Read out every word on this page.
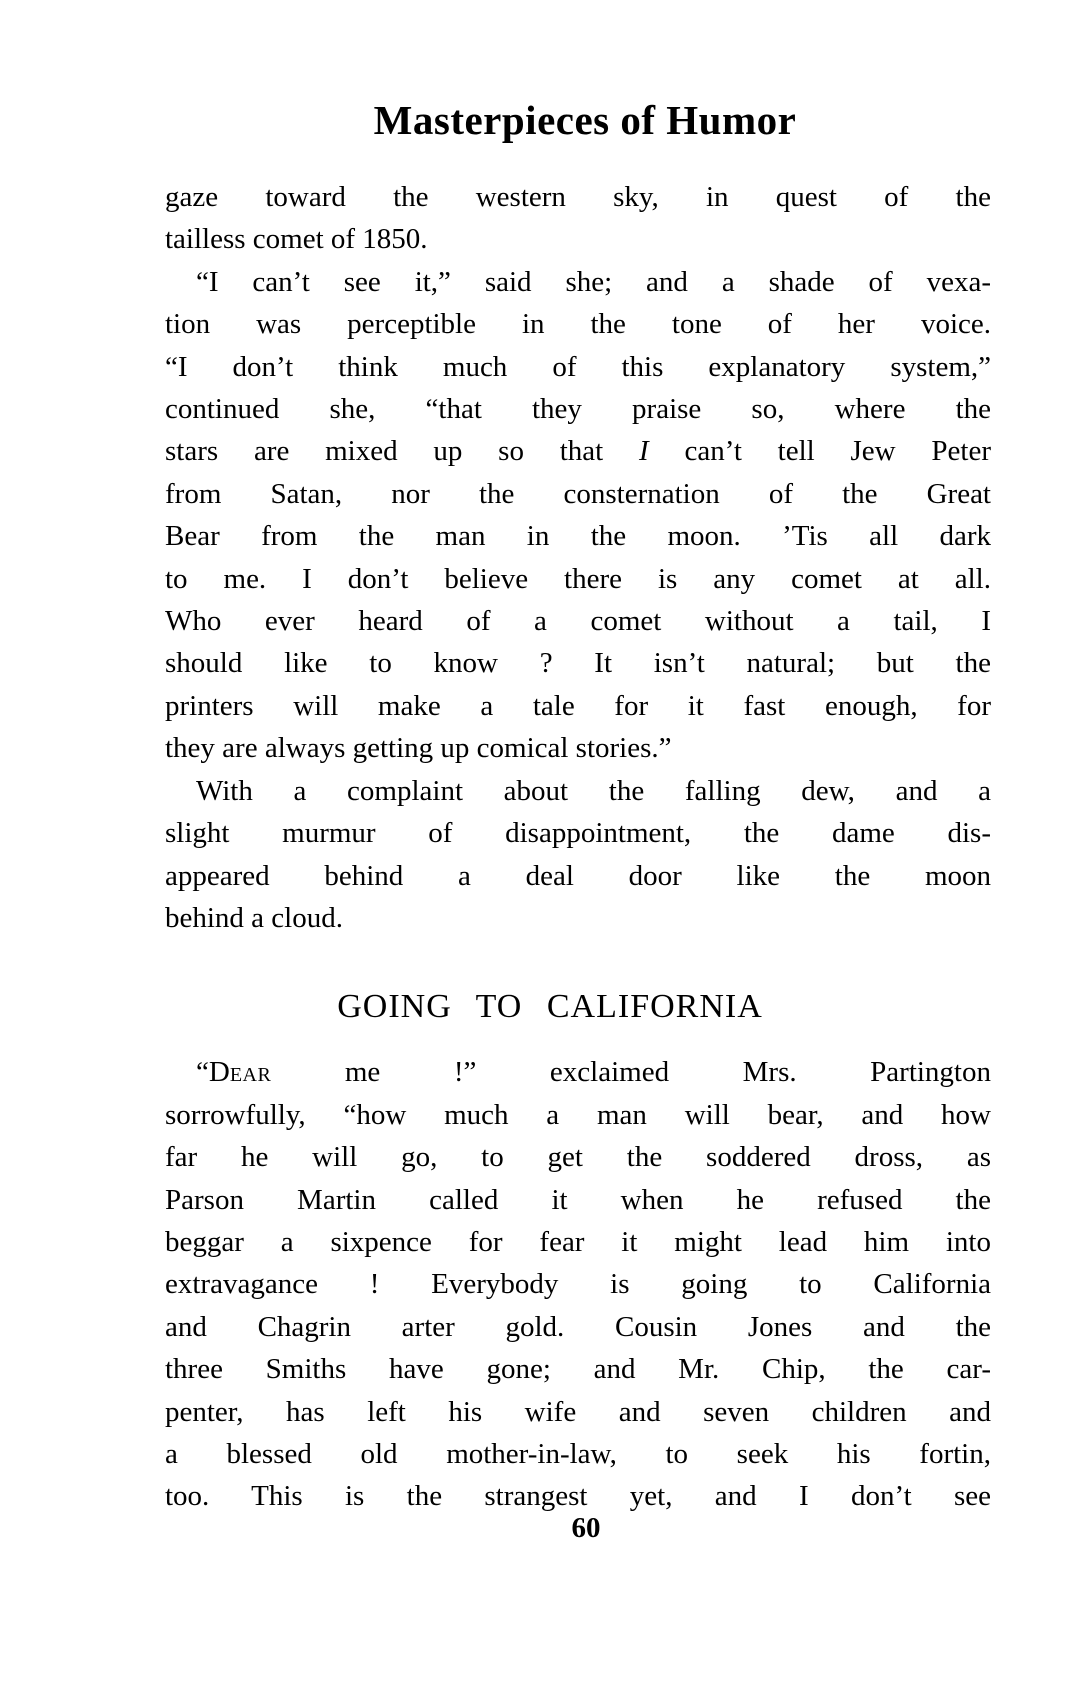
Masterpieces of Humor
gaze toward the western sky, in quest of the
tailless comet of 1850.
“I can’t see it,” said she; and a shade of vexa-
tion was perceptible in the tone of her voice.
“I don’t think much of this explanatory system,”
continued she, “that they praise so, where the
stars are mixed up so that I can’t tell Jew Peter
from Satan, nor the consternation of the Great
Bear from the man in the moon. ’Tis all dark
to me. I don’t believe there is any comet at all.
Who ever heard of a comet without a tail, I
should like to know ? It isn’t natural; but the
printers will make a tale for it fast enough, for
they are always getting up comical stories.”
With a complaint about the falling dew, and a
slight murmur of disappointment, the dame dis-
appeared behind a deal door like the moon
behind a cloud.
GOING TO CALIFORNIA
“Dear me !” exclaimed Mrs. Partington
sorrowfully, “how much a man will bear, and how
far he will go, to get the soddered dross, as
Parson Martin called it when he refused the
beggar a sixpence for fear it might lead him into
extravagance ! Everybody is going to California
and Chagrin arter gold. Cousin Jones and the
three Smiths have gone; and Mr. Chip, the car-
penter, has left his wife and seven children and
a blessed old mother-in-law, to seek his fortin,
too. This is the strangest yet, and I don’t see
60
